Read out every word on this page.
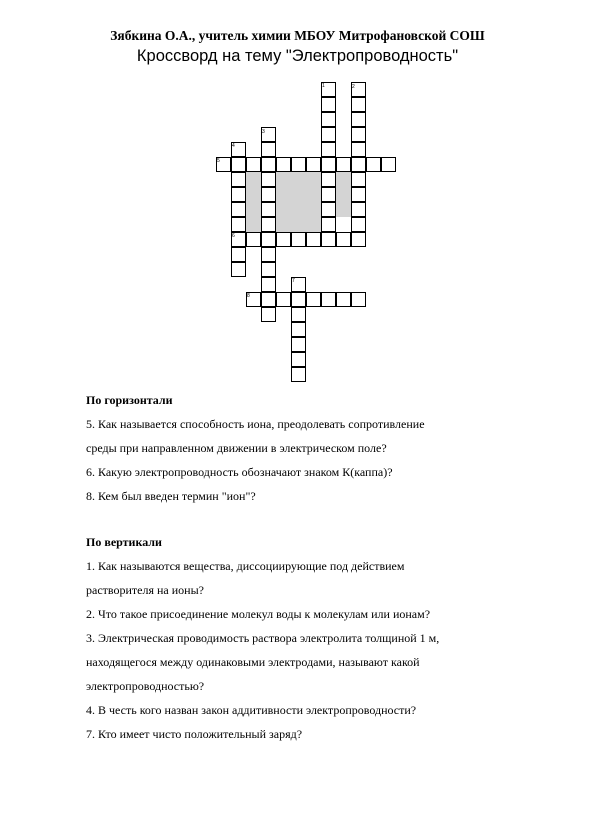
Зябкина О.А., учитель химии МБОУ Митрофановской СОШ
Кроссворд на тему "Электропроводность"
1	2
3
4
5
6
7
8
По горизонтали
5. Как называется способность иона, преодолевать сопротивление
среды при направленном движении в электрическом поле?
6. Какую электропроводность обозначают знаком К(каппа)?
8. Кем был введен термин "ион"?
По вертикали
1. Как называются вещества, диссоциирующие под действием
растворителя на ионы?
2. Что такое присоединение молекул воды к молекулам или ионам?
3. Электрическая проводимость раствора электролита толщиной 1 м,
находящегося между одинаковыми электродами, называют какой
электропроводностью?
4. В честь кого назван закон аддитивности электропроводности?
7. Кто имеет чисто положительный заряд?
